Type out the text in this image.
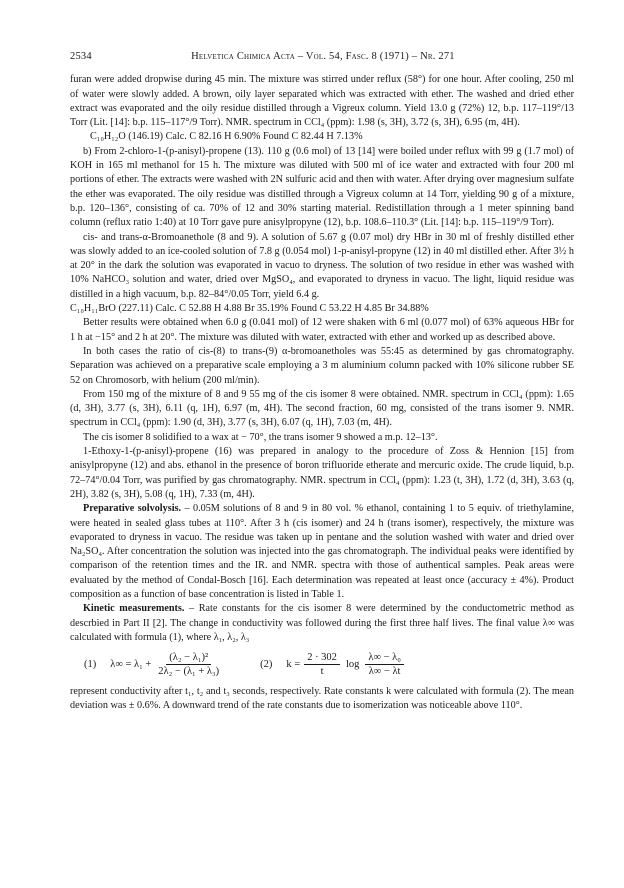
2534	Helvetica Chimica Acta – Vol. 54, Fasc. 8 (1971) – Nr. 271

furan were added dropwise during 45 min. The mixture was stirred under reflux (58°) for one hour. After cooling, 250 ml of water were slowly added. A brown, oily layer separated which was extracted with ether. The washed and dried ether extract was evaporated and the oily residue distilled through a Vigreux column. Yield 13.0 g (72%) 12, b.p. 117–119°/13 Torr (Lit. [14]: b.p. 115–117°/9 Torr). NMR. spectrum in CCl₄ (ppm): 1.98 (s, 3H), 3.72 (s, 3H), 6.95 (m, 4H).

C₁₀H₁₂O (146.19) Calc. C 82.16 H 6.90% Found C 82.44 H 7.13%

b) From 2-chloro-1-(p-anisyl)-propene (13). 110 g (0.6 mol) of 13 [14] were boiled under reflux with 99 g (1.7 mol) of KOH in 165 ml methanol for 15 h. The mixture was diluted with 500 ml of ice water and extracted with four 200 ml portions of ether. The extracts were washed with 2N sulfuric acid and then with water. After drying over magnesium sulfate the ether was evaporated. The oily residue was distilled through a Vigreux column at 14 Torr, yielding 90 g of a mixture, b.p. 120–136°, consisting of ca. 70% of 12 and 30% starting material. Redistillation through a 1 meter spinning band column (reflux ratio 1:40) at 10 Torr gave pure anisylpropyne (12), b.p. 108.6–110.3° (Lit. [14]: b.p. 115–119°/9 Torr).

cis- and trans-α-Bromoanethole (8 and 9). A solution of 5.67 g (0.07 mol) dry HBr in 30 ml of freshly distilled ether was slowly added to an ice-cooled solution of 7.8 g (0.054 mol) 1-p-anisyl-propyne (12) in 40 ml distilled ether. After 3½ h at 20° in the dark the solution was evaporated in vacuo to dryness. The solution of two residue in ether was washed with 10% NaHCO₃ solution and water, dried over MgSO₄, and evaporated to dryness in vacuo. The light, liquid residue was distilled in a high vacuum, b.p. 82–84°/0.05 Torr, yield 6.4 g.

C₁₀H₁₁BrO (227.11) Calc. C 52.88 H 4.88 Br 35.19% Found C 53.22 H 4.85 Br 34.88%

Better results were obtained when 6.0 g (0.041 mol) of 12 were shaken with 6 ml (0.077 mol) of 63% aqueous HBr for 1 h at −15° and 2 h at 20°. The mixture was diluted with water, extracted with ether and worked up as described above.

In both cases the ratio of cis-(8) to trans-(9) α-bromoanetholes was 55:45 as determined by gas chromatography. Separation was achieved on a preparative scale employing a 3 m aluminium column packed with 10% silicone rubber SE 52 on Chromosorb, with helium (200 ml/min).

From 150 mg of the mixture of 8 and 9 55 mg of the cis isomer 8 were obtained. NMR. spectrum in CCl₄ (ppm): 1.65 (d, 3H), 3.77 (s, 3H), 6.11 (q, 1H), 6.97 (m, 4H). The second fraction, 60 mg, consisted of the trans isomer 9. NMR. spectrum in CCl₄ (ppm): 1.90 (d, 3H), 3.77 (s, 3H), 6.07 (q, 1H), 7.03 (m, 4H).

The cis isomer 8 solidified to a wax at − 70°, the trans isomer 9 showed a m.p. 12–13°.

1-Ethoxy-1-(p-anisyl)-propene (16) was prepared in analogy to the procedure of Zoss & Hennion [15] from anisylpropyne (12) and abs. ethanol in the presence of boron trifluoride etherate and mercuric oxide. The crude liquid, b.p. 72–74°/0.04 Torr, was purified by gas chromatography. NMR. spectrum in CCl₄ (ppm): 1.23 (t, 3H), 1.72 (d, 3H), 3.63 (q, 2H), 3.82 (s, 3H), 5.08 (q, 1H), 7.33 (m, 4H).

Preparative solvolysis. – 0.05M solutions of 8 and 9 in 80 vol. % ethanol, containing 1 to 5 equiv. of triethylamine, were heated in sealed glass tubes at 110°. After 3 h (cis isomer) and 24 h (trans isomer), respectively, the mixture was evaporated to dryness in vacuo. The residue was taken up in pentane and the solution washed with water and dried over Na₂SO₄. After concentration the solution was injected into the gas chromatograph. The individual peaks were identified by comparison of the retention times and the IR. and NMR. spectra with those of authentical samples. Peak areas were evaluated by the method of Condal-Bosch [16]. Each determination was repeated at least once (accuracy ± 4%). Product composition as a function of base concentration is listed in Table 1.

Kinetic measurements. – Rate constants for the cis isomer 8 were determined by the conductometric method as descrbied in Part II [2]. The change in conductivity was followed during the first three half lives. The final value λ∞ was calculated with formula (1), where λ₁, λ₂, λ₃

(1) $\lambda\infty = \lambda_1 + \frac{\text{(λ₂ − λ₁)²}}{\text{2λ₂ − (λ₁ + λ₃)}}$	(2) $k = \frac{2 \cdot 302}{t}$ $\log \frac{\text{λ∞ − λ₀}}{\lambda\infty - \lambda t}$

represent conductivity after t₁, t₂ and t₃ seconds, respectively. Rate constants k were calculated with formula (2). The mean deviation was ± 0.6%. A downward trend of the rate constants due to isomerization was noticeable above 110°.
